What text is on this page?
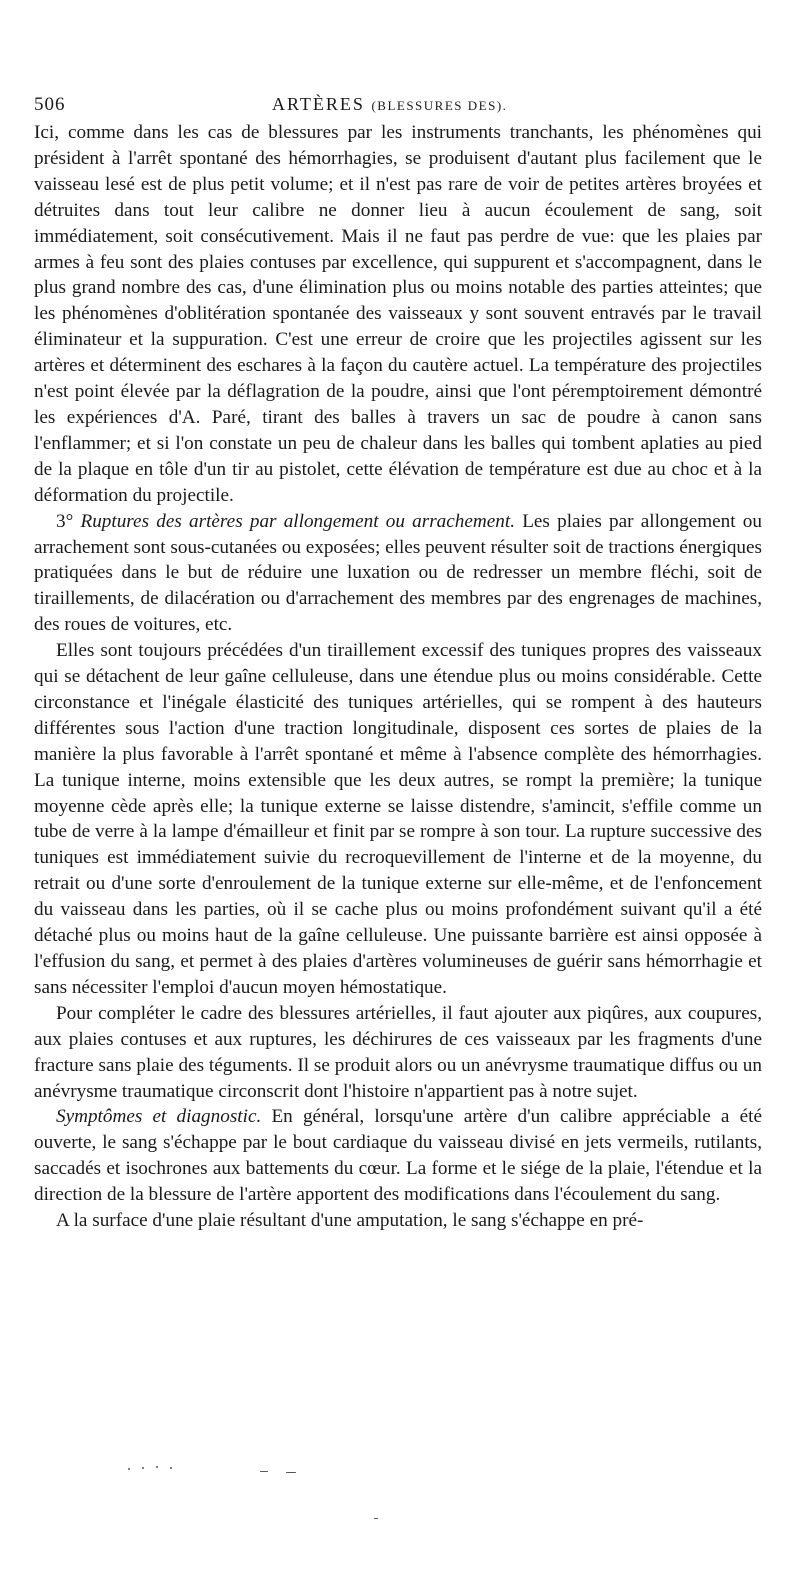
506	ARTÈRES (BLESSURES DES).

Ici, comme dans les cas de blessures par les instruments tranchants, les phénomènes qui président à l'arrêt spontané des hémorrhagies, se produisent d'autant plus facilement que le vaisseau lesé est de plus petit volume; et il n'est pas rare de voir de petites artères broyées et détruites dans tout leur calibre ne donner lieu à aucun écoulement de sang, soit immédiatement, soit consécutivement. Mais il ne faut pas perdre de vue: que les plaies par armes à feu sont des plaies contuses par excellence, qui suppurent et s'accompagnent, dans le plus grand nombre des cas, d'une élimination plus ou moins notable des parties atteintes; que les phénomènes d'oblitération spontanée des vaisseaux y sont souvent entravés par le travail éliminateur et la suppuration. C'est une erreur de croire que les projectiles agissent sur les artères et déterminent des eschares à la façon du cautère actuel. La température des projectiles n'est point élevée par la déflagration de la poudre, ainsi que l'ont péremptoirement démontré les expériences d'A. Paré, tirant des balles à travers un sac de poudre à canon sans l'enflammer; et si l'on constate un peu de chaleur dans les balles qui tombent aplaties au pied de la plaque en tôle d'un tir au pistolet, cette élévation de température est due au choc et à la déformation du projectile.

3° Ruptures des artères par allongement ou arrachement. Les plaies par allongement ou arrachement sont sous-cutanées ou exposées; elles peuvent résulter soit de tractions énergiques pratiquées dans le but de réduire une luxation ou de redresser un membre fléchi, soit de tiraillements, de dilacération ou d'arrachement des membres par des engrenages de machines, des roues de voitures, etc.

Elles sont toujours précédées d'un tiraillement excessif des tuniques propres des vaisseaux qui se détachent de leur gaîne celluleuse, dans une étendue plus ou moins considérable. Cette circonstance et l'inégale élasticité des tuniques artérielles, qui se rompent à des hauteurs différentes sous l'action d'une traction longitudinale, disposent ces sortes de plaies de la manière la plus favorable à l'arrêt spontané et même à l'absence complète des hémorrhagies. La tunique interne, moins extensible que les deux autres, se rompt la première; la tunique moyenne cède après elle; la tunique externe se laisse distendre, s'amincit, s'effile comme un tube de verre à la lampe d'émailleur et finit par se rompre à son tour. La rupture successive des tuniques est immédiatement suivie du recroquevillement de l'interne et de la moyenne, du retrait ou d'une sorte d'enroulement de la tunique externe sur elle-même, et de l'enfoncement du vaisseau dans les parties, où il se cache plus ou moins profondément suivant qu'il a été détaché plus ou moins haut de la gaîne celluleuse. Une puissante barrière est ainsi opposée à l'effusion du sang, et permet à des plaies d'artères volumineuses de guérir sans hémorrhagie et sans nécessiter l'emploi d'aucun moyen hémostatique.

Pour compléter le cadre des blessures artérielles, il faut ajouter aux piqûres, aux coupures, aux plaies contuses et aux ruptures, les déchirures de ces vaisseaux par les fragments d'une fracture sans plaie des téguments. Il se produit alors ou un anévrysme traumatique diffus ou un anévrysme traumatique circonscrit dont l'histoire n'appartient pas à notre sujet.

Symptômes et diagnostic. En général, lorsqu'une artère d'un calibre appréciable a été ouverte, le sang s'échappe par le bout cardiaque du vaisseau divisé en jets vermeils, rutilants, saccadés et isochrones aux battements du cœur. La forme et le siége de la plaie, l'étendue et la direction de la blessure de l'artère apportent des modifications dans l'écoulement du sang.

A la surface d'une plaie résultant d'une amputation, le sang s'échappe en pré-
